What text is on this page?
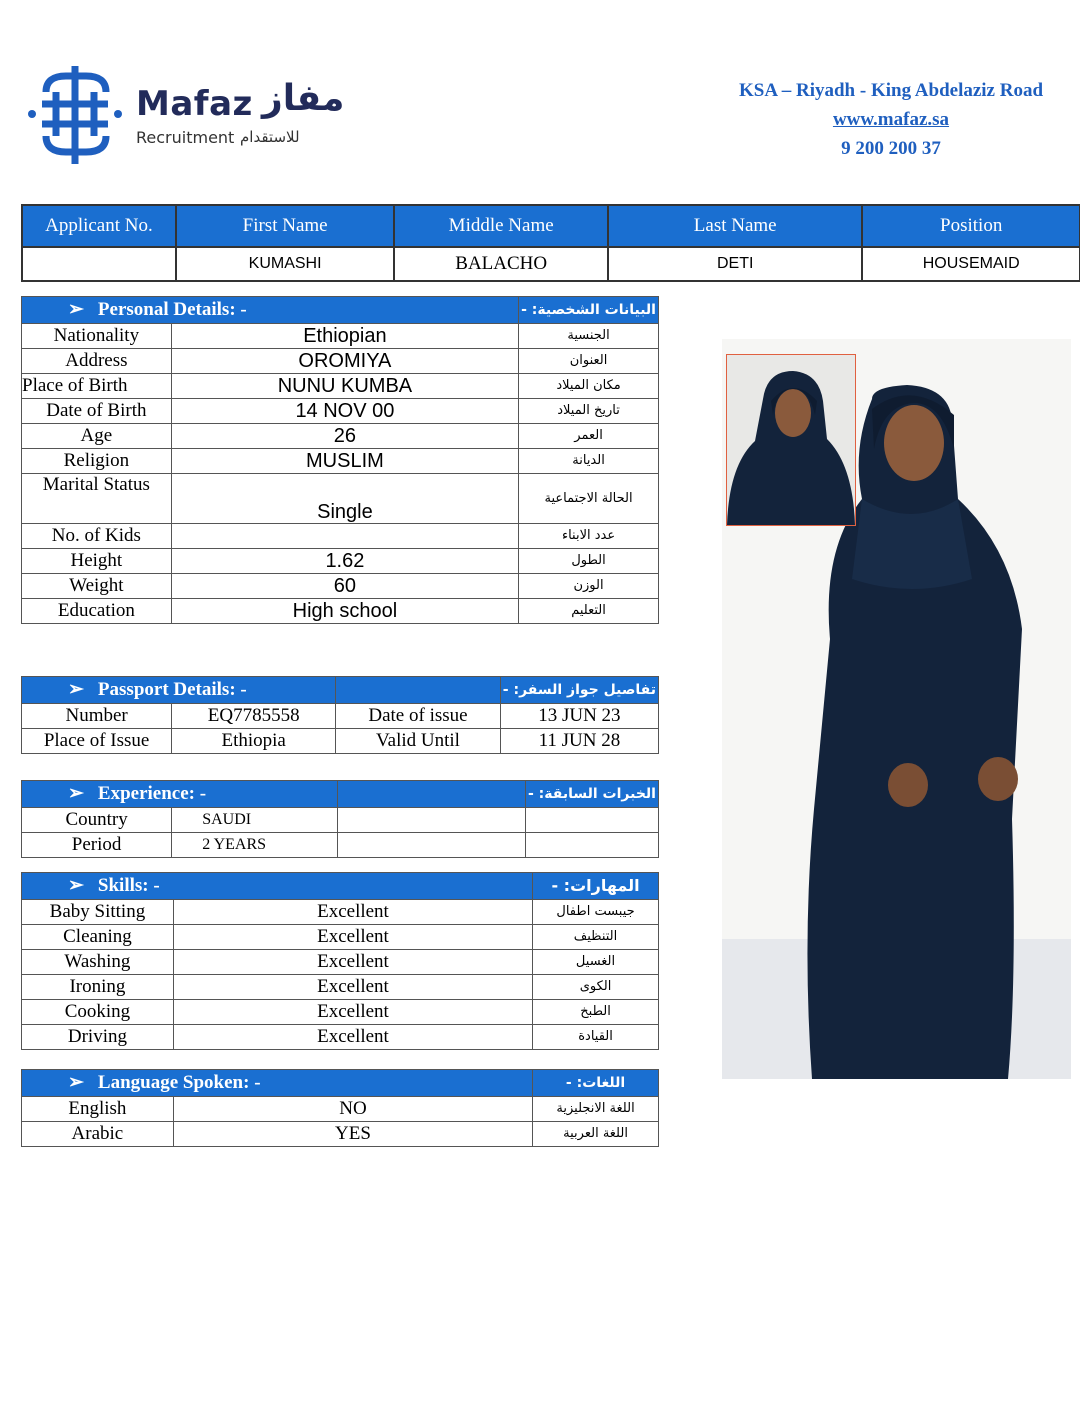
Mafaz مفاز
Recruitment للاستقدام
KSA – Riyadh - King Abdelaziz Road
www.mafaz.sa
9 200 200 37
Applicant No.	First Name	Middle Name	Last Name	Position
	KUMASHI	BALACHO	DETI	HOUSEMAID
➢ Personal Details: -		البيانات الشخصية: -
Nationality	Ethiopian	الجنسية
Address	OROMIYA	العنوان
Place of Birth	NUNU KUMBA	مكان الميلاد
Date of Birth	14 NOV 00	تاريخ الميلاد
Age	26	العمر
Religion	MUSLIM	الديانة
Marital Status	Single	الحالة الاجتماعية
No. of Kids		عدد الابناء
Height	1.62	الطول
Weight	60	الوزن
Education	High school	التعليم
➢ Passport Details: -			تفاصيل جواز السفر: -
Number	EQ7785558	Date of issue	13 JUN 23
Place of Issue	Ethiopia	Valid Until	11 JUN 28
➢ Experience: -			الخبرات السابقة: -
Country	SAUDI		
Period	2 YEARS		
➢ Skills: -		المهارات: -
Baby Sitting	Excellent	جيبست اطفال
Cleaning	Excellent	التنظيف
Washing	Excellent	الغسيل
Ironing	Excellent	الكوى
Cooking	Excellent	الطبخ
Driving	Excellent	القيادة
➢ Language Spoken: -		اللغات: -
English	NO	اللغة الانجليزية
Arabic	YES	اللغة العربية
